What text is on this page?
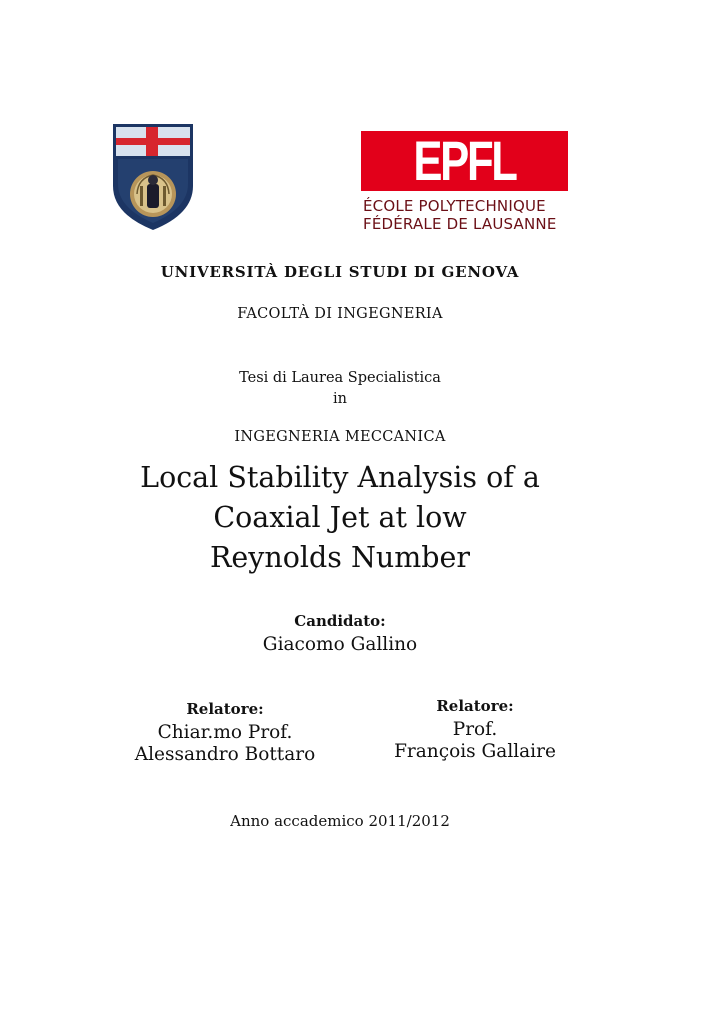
EPFL
ÉCOLE POLYTECHNIQUE
FÉDÉRALE DE LAUSANNE
UNIVERSITÀ DEGLI STUDI DI GENOVA
FACOLTÀ DI INGEGNERIA
Tesi di Laurea Specialistica
in
INGEGNERIA MECCANICA
Local Stability Analysis of a
Coaxial Jet at low
Reynolds Number
Candidato:
Giacomo Gallino
Relatore:
Chiar.mo Prof.
Alessandro Bottaro
Relatore:
Prof.
François Gallaire
Anno accademico 2011/2012
